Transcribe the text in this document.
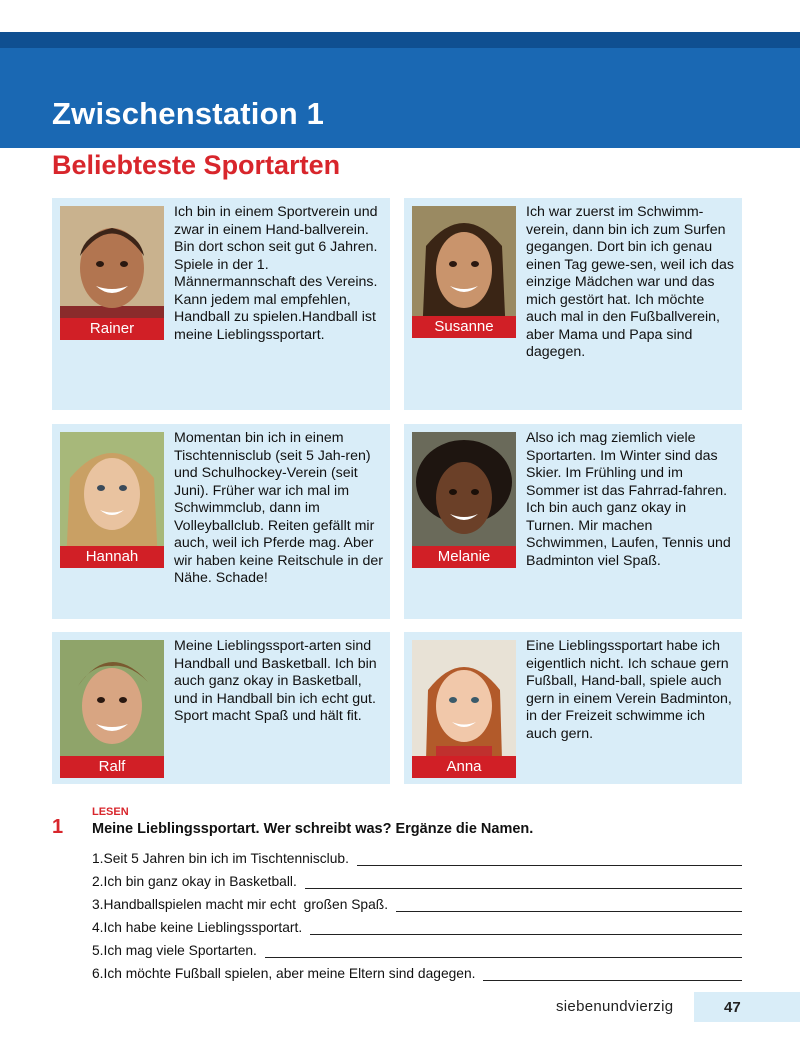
Zwischenstation 1
Beliebteste Sportarten
Rainer
Ich bin in einem Sportverein und zwar in einem Hand-ballverein. Bin dort schon seit gut 6 Jahren. Spiele in der 1. Männermannschaft des Vereins. Kann jedem mal empfehlen, Handball zu spielen.Handball ist meine Lieblingssportart.	Susanne
Ich war zuerst im Schwimm-verein, dann bin ich zum Surfen gegangen. Dort bin ich genau einen Tag gewe-sen, weil ich das einzige Mädchen war und das mich gestört hat. Ich möchte auch mal in den Fußballverein, aber Mama und Papa sind dagegen.
Hannah
Momentan bin ich in einem Tischtennisclub (seit 5 Jah-ren) und Schulhockey-Verein (seit Juni). Früher war ich mal im Schwimmclub, dann im Volleyballclub. Reiten gefällt mir auch, weil ich Pferde mag. Aber wir haben keine Reitschule in der Nähe. Schade!
Melanie
Also ich mag ziemlich viele Sportarten. Im Winter sind das Skier. Im Frühling und im Sommer ist das Fahrrad-fahren. Ich bin auch ganz okay in Turnen. Mir machen Schwimmen, Laufen, Tennis und Badminton viel Spaß.
Ralf
Meine Lieblingssport-arten sind Handball und Basketball. Ich bin auch ganz okay in Basketball, und in Handball bin ich echt gut. Sport macht Spaß und hält fit.
Anna
Eine Lieblingssportart habe ich eigentlich nicht. Ich schaue gern Fußball, Hand-ball, spiele auch gern in einem Verein Badminton, in der Freizeit schwimme ich auch gern.
1
LESEN
Meine Lieblingssportart. Wer schreibt was? Ergänze die Namen.
1. Seit 5 Jahren bin ich im Tischtennisclub.
2. Ich bin ganz okay in Basketball.
3. Handballspielen macht mir echt  großen Spaß.
4. Ich habe keine Lieblingssportart.
5. Ich mag viele Sportarten.
6. Ich möchte Fußball spielen, aber meine Eltern sind dagegen.
siebenundvierzig	47
